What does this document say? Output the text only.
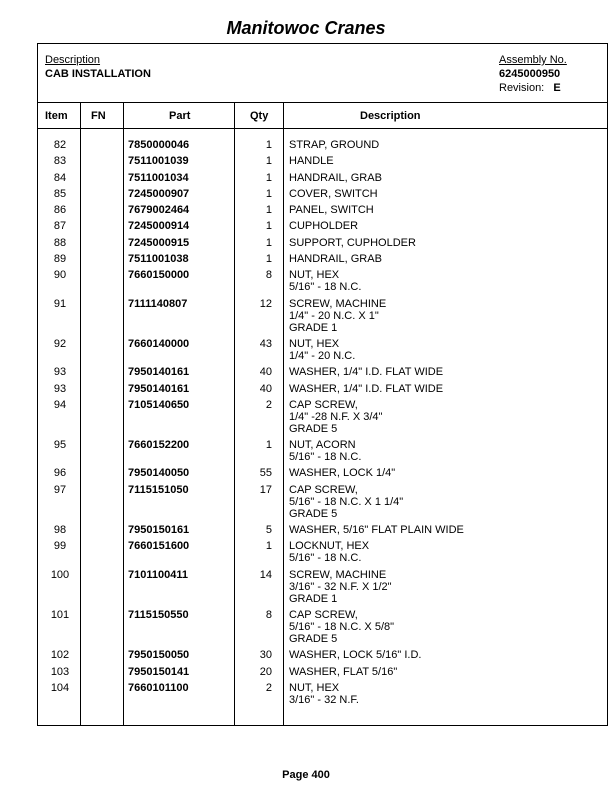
Manitowoc Cranes
Description
CAB INSTALLATION
Assembly No.
6245000950
Revision: E
Item FN	Part	Qty	Description
82	7850000046	1 STRAP, GROUND
83	7511001039	1 HANDLE
84	7511001034	1 HANDRAIL, GRAB
85	7245000907	1 COVER, SWITCH
86	7679002464	1 PANEL, SWITCH
87	7245000914	1 CUPHOLDER
88	7245000915	1 SUPPORT, CUPHOLDER
89	7511001038	1 HANDRAIL, GRAB
90	7660150000	8 NUT, HEX
5/16" - 18 N.C.
91	7111140807	12 SCREW, MACHINE
1/4" - 20 N.C. X 1"
GRADE 1
92	7660140000	43 NUT, HEX
1/4" - 20 N.C.
93	7950140161	40 WASHER, 1/4" I.D. FLAT WIDE
93	7950140161	40 WASHER, 1/4" I.D. FLAT WIDE
94	7105140650	2 CAP SCREW,
1/4" -28 N.F. X 3/4"
GRADE 5
95	7660152200	1 NUT, ACORN
5/16" - 18 N.C.
96	7950140050	55 WASHER, LOCK 1/4"
97	7115151050	17 CAP SCREW,
5/16" - 18 N.C. X 1 1/4"
GRADE 5
98	7950150161	5 WASHER, 5/16" FLAT PLAIN WIDE
99	7660151600	1 LOCKNUT, HEX
5/16" - 18 N.C.
100	7101100411	14 SCREW, MACHINE
3/16" - 32 N.F. X 1/2"
GRADE 1
101	7115150550	8 CAP SCREW,
5/16" - 18 N.C. X 5/8"
GRADE 5
102	7950150050	30 WASHER, LOCK 5/16" I.D.
103	7950150141	20 WASHER, FLAT 5/16"
104	7660101100	2 NUT, HEX
3/16" - 32 N.F.
Page 400
